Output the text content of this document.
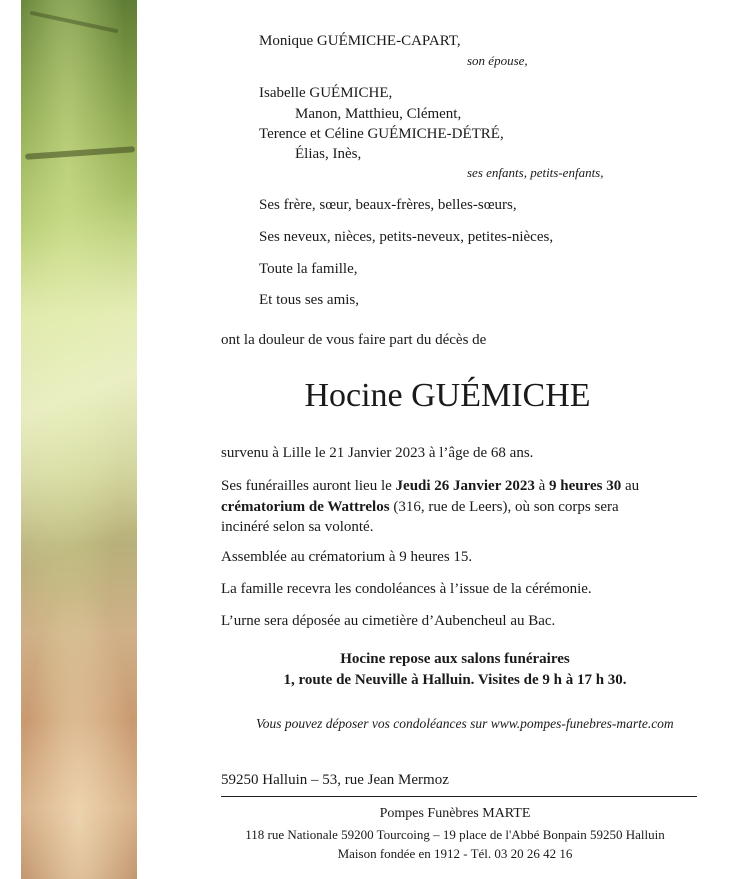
Monique GUÉMICHE-CAPART,
son épouse,
Isabelle GUÉMICHE,
Manon, Matthieu, Clément,
Terence et Céline GUÉMICHE-DÉTRÉ,
Élias, Inès,
ses enfants, petits-enfants,
Ses frère, sœur, beaux-frères, belles-sœurs,
Ses neveux, nièces, petits-neveux, petites-nièces,
Toute la famille,
Et tous ses amis,
ont la douleur de vous faire part du décès de
Hocine GUÉMICHE
survenu à Lille le 21 Janvier 2023 à l’âge de 68 ans.
Ses funérailles auront lieu le Jeudi 26 Janvier 2023 à 9 heures 30 au
crématorium de Wattrelos (316, rue de Leers), où son corps sera
incinéré selon sa volonté.
Assemblée au crématorium à 9 heures 15.
La famille recevra les condoléances à l’issue de la cérémonie.
L’urne sera déposée au cimetière d’Aubencheul au Bac.
Hocine repose aux salons funéraires
1, route de Neuville à Halluin. Visites de 9 h à 17 h 30.
Vous pouvez déposer vos condoléances sur www.pompes-funebres-marte.com
59250 Halluin – 53, rue Jean Mermoz
Pompes Funèbres MARTE
118 rue Nationale 59200 Tourcoing – 19 place de l'Abbé Bonpain 59250 Halluin
Maison fondée en 1912 - Tél. 03 20 26 42 16
